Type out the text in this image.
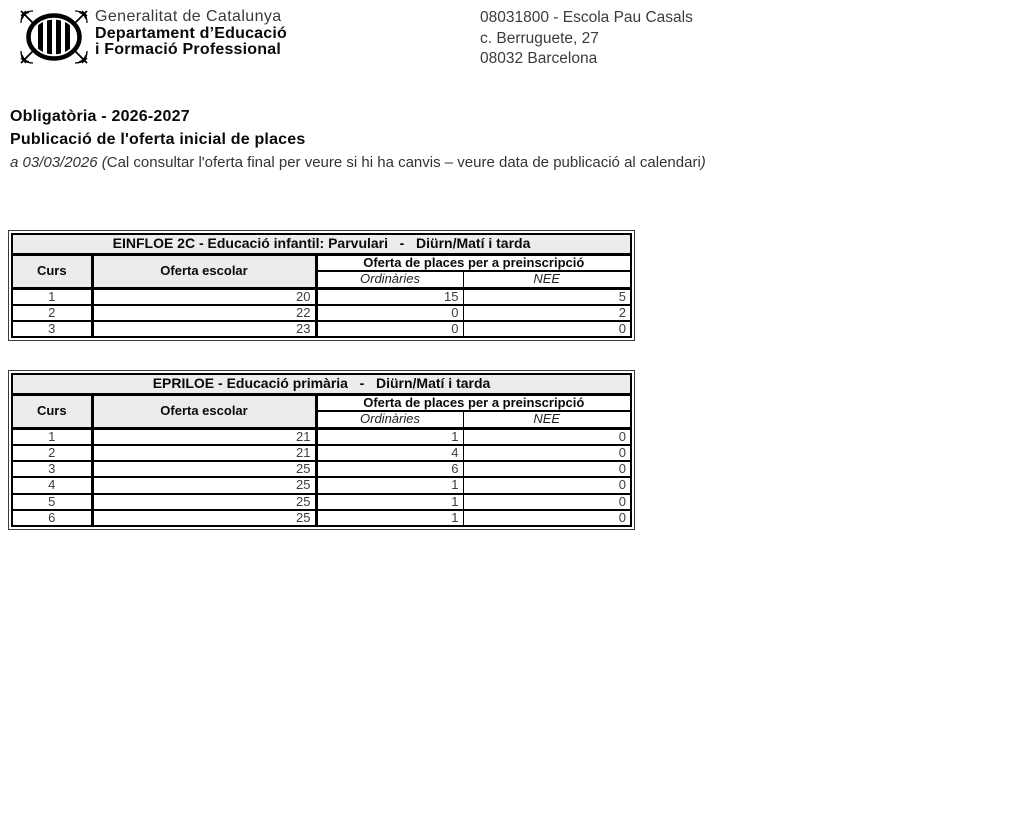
Generalitat de Catalunya
Departament d’Educació
i Formació Professional
08031800 - Escola Pau Casals
c. Berruguete, 27
08032 Barcelona
Obligatòria - 2026-2027
Publicació de l'oferta inicial de places
a 03/03/2026 (Cal consultar l'oferta final per veure si hi ha canvis – veure data de publicació al calendari)
EINFLOE 2C - Educació infantil: Parvulari   -   Diürn/Matí i tarda			
Curs	Oferta escolar	Oferta de places per a preinscripció	
		Ordinàries	NEE
1	20	15	5
2	22	0	2
3	23	0	0
EPRILOE - Educació primària   -   Diürn/Matí i tarda			
Curs	Oferta escolar	Oferta de places per a preinscripció	
		Ordinàries	NEE
1	21	1	0
2	21	4	0
3	25	6	0
4	25	1	0
5	25	1	0
6	25	1	0
